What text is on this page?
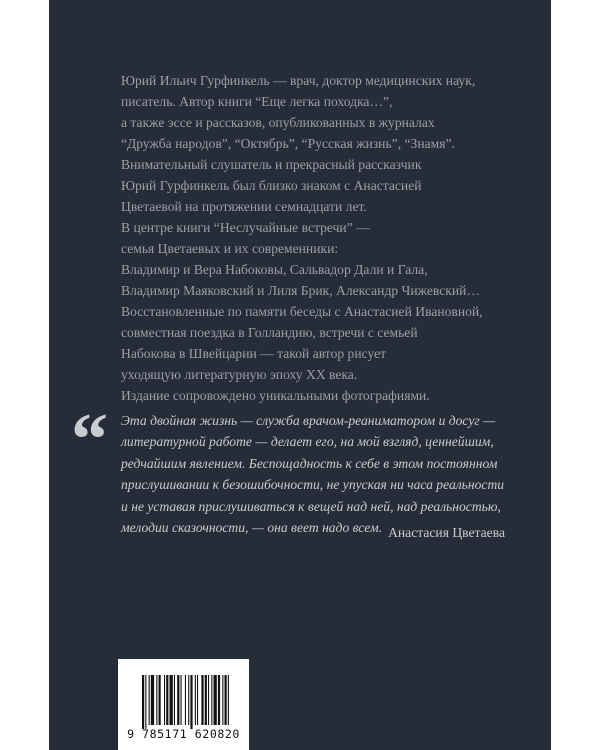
Юрий Ильич Гурфинкель — врач, доктор медицинских наук,
писатель. Автор книги “Еще легка походка…”,
а также эссе и рассказов, опубликованных в журналах
“Дружба народов”, “Октябрь”, “Русская жизнь”, “Знамя”.
Внимательный слушатель и прекрасный рассказчик
Юрий Гурфинкель был близко знаком с Анастасией
Цветаевой на протяжении семнадцати лет.
В центре книги “Неслучайные встречи” —
семья Цветаевых и их современники:
Владимир и Вера Набоковы, Сальвадор Дали и Гала,
Владимир Маяковский и Лиля Брик, Александр Чижевский…
Восстановленные по памяти беседы с Анастасией Ивановной,
совместная поездка в Голландию, встречи с семьей
Набокова в Швейцарии — такой автор рисует
уходящую литературную эпоху XX века.
Издание сопровождено уникальными фотографиями.
“ Эта двойная жизнь — служба врачом-реаниматором и досуг —
литературной работе — делает его, на мой взгляд, ценнейшим,
редчайшим явлением. Беспощадность к себе в этом постоянном
прислушивании к безошибочности, не упуская ни часа реальности
и не уставая прислушиваться к вещей над ней, над реальностью,
мелодии сказочности, — она веет надо всем. Анастасия Цветаева
9 785171 620820
